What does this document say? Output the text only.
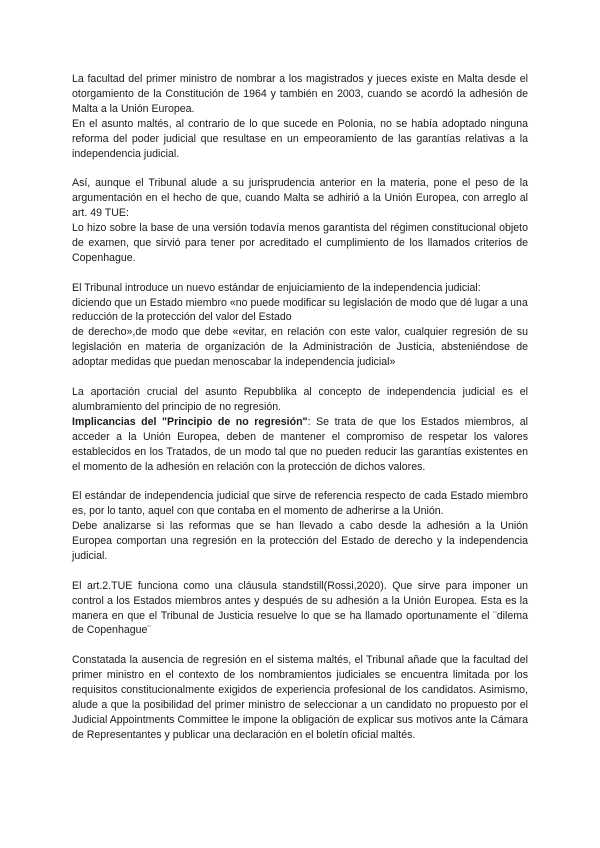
La facultad del primer ministro de nombrar a los magistrados y jueces existe en Malta desde el otorgamiento de la Constitución de 1964 y también en 2003, cuando se acordó la adhesión de Malta a la Unión Europea.

En el asunto maltés, al contrario de lo que sucede en Polonia, no se había adoptado ninguna reforma del poder judicial que resultase en un empeoramiento de las garantías relativas a la independencia judicial.

Así, aunque el Tribunal alude a su jurisprudencia anterior en la materia, pone el peso de la argumentación en el hecho de que, cuando Malta se adhirió a la Unión Europea, con arreglo al art. 49 TUE:

Lo hizo sobre la base de una versión todavía menos garantista del régimen constitucional objeto de examen, que sirvió para tener por acreditado el cumplimiento de los llamados criterios de Copenhague.

El Tribunal introduce un nuevo estándar de enjuiciamiento de la independencia judicial:

diciendo que un Estado miembro «no puede modificar su legislación de modo que dé lugar a una reducción de la protección del valor del Estado

de derecho»,de modo que debe «evitar, en relación con este valor, cualquier regresión de su legislación en materia de organización de la Administración de Justicia, absteniéndose de adoptar medidas que puedan menoscabar la independencia judicial»

La aportación crucial del asunto Repubblika al concepto de independencia judicial es el alumbramiento del principio de no regresión.

Implicancias del "Principio de no regresión": Se trata de que los Estados miembros, al acceder a la Unión Europea, deben de mantener el compromiso de respetar los valores establecidos en los Tratados, de un modo tal que no pueden reducir las garantías existentes en el momento de la adhesión en relación con la protección de dichos valores.

El estándar de independencia judicial que sirve de referencia respecto de cada Estado miembro es, por lo tanto, aquel con que contaba en el momento de adherirse a la Unión.

Debe analizarse si las reformas que se han llevado a cabo desde la adhesión a la Unión Europea comportan una regresión en la protección del Estado de derecho y la independencia judicial.

El art.2.TUE funciona como una cláusula standstill(Rossi,2020). Que sirve para imponer un control a los Estados miembros antes y después de su adhesión a la Unión Europea. Esta es la manera en que el Tribunal de Justicia resuelve lo que se ha llamado oportunamente el ¨dilema de Copenhague¨

Constatada la ausencia de regresión en el sistema maltés, el Tribunal añade que la facultad del primer ministro en el contexto de los nombramientos judiciales se encuentra limitada por los requisitos constitucionalmente exigidos de experiencia profesional de los candidatos. Asimismo, alude a que la posibilidad del primer ministro de seleccionar a un candidato no propuesto por el Judicial Appointments Committee le impone la obligación de explicar sus motivos ante la Cámara de Representantes y publicar una declaración en el boletín oficial maltés.
